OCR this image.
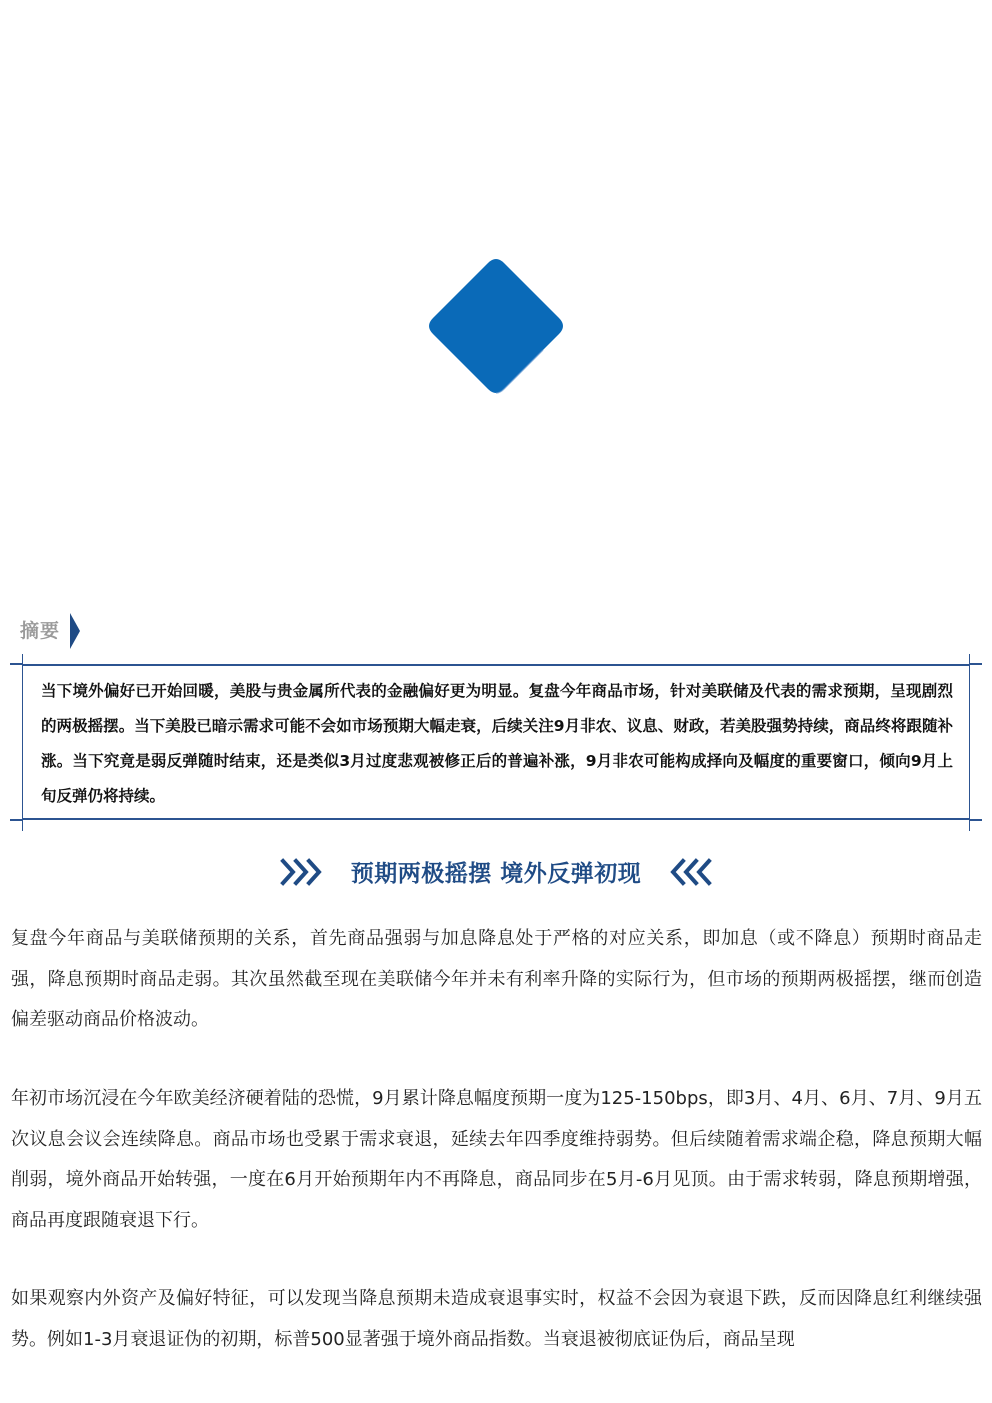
摘要
当下境外偏好已开始回暖，美股与贵金属所代表的金融偏好更为明显。复盘今年商品市场，针对美联储及代表的需求预期，呈现剧烈的两极摇摆。当下美股已暗示需求可能不会如市场预期大幅走衰，后续关注9月非农、议息、财政，若美股强势持续，商品终将跟随补涨。当下究竟是弱反弹随时结束，还是类似3月过度悲观被修正后的普遍补涨，9月非农可能构成择向及幅度的重要窗口，倾向9月上旬反弹仍将持续。
预期两极摇摆 境外反弹初现
复盘今年商品与美联储预期的关系，首先商品强弱与加息降息处于严格的对应关系，即加息（或不降息）预期时商品走强，降息预期时商品走弱。其次虽然截至现在美联储今年并未有利率升降的实际行为，但市场的预期两极摇摆，继而创造偏差驱动商品价格波动。
年初市场沉浸在今年欧美经济硬着陆的恐慌，9月累计降息幅度预期一度为125-150bps，即3月、4月、6月、7月、9月五次议息会议会连续降息。商品市场也受累于需求衰退，延续去年四季度维持弱势。但后续随着需求端企稳，降息预期大幅削弱，境外商品开始转强，一度在6月开始预期年内不再降息，商品同步在5月-6月见顶。由于需求转弱，降息预期增强，商品再度跟随衰退下行。
如果观察内外资产及偏好特征，可以发现当降息预期未造成衰退事实时，权益不会因为衰退下跌，反而因降息红利继续强势。例如1-3月衰退证伪的初期，标普500显著强于境外商品指数。当衰退被彻底证伪后，商品呈现
